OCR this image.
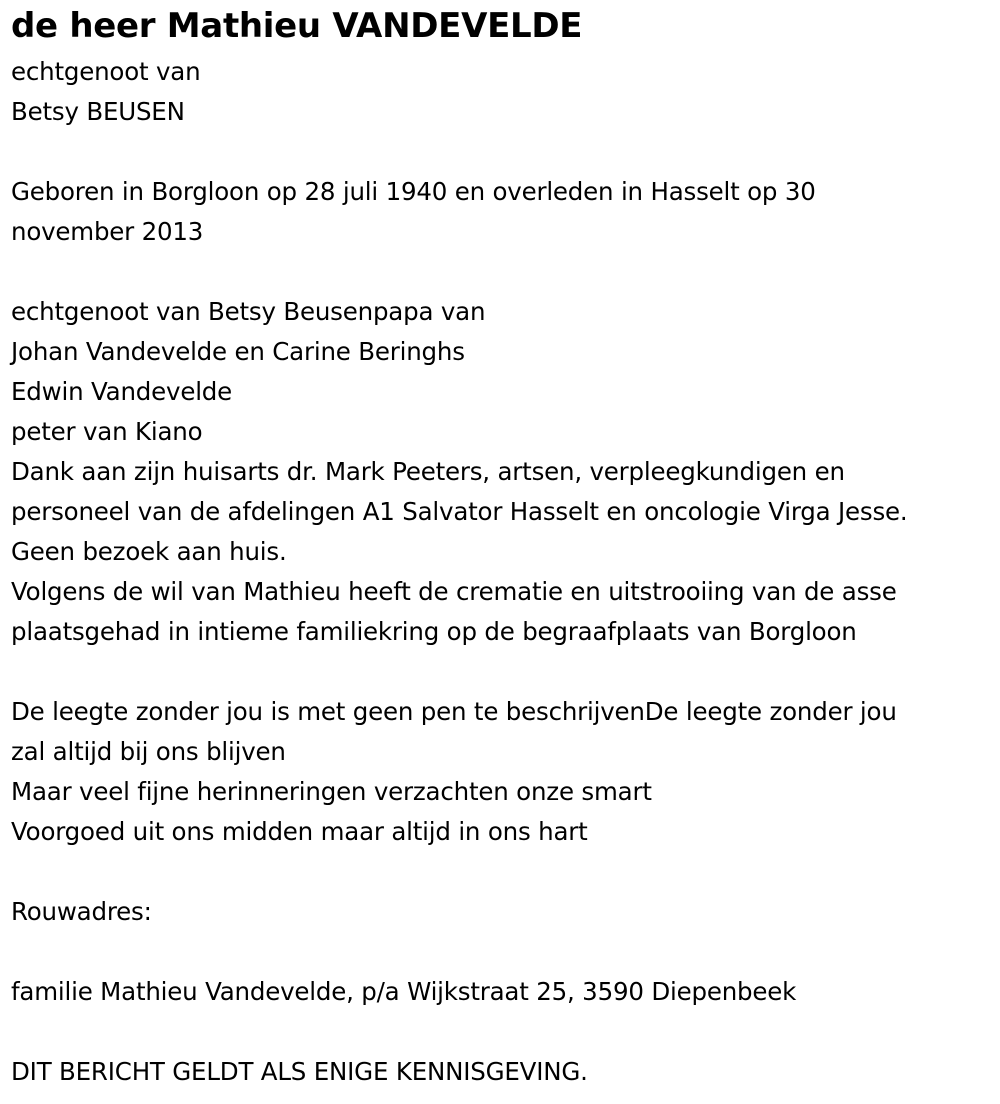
de heer Mathieu VANDEVELDE
echtgenoot van
Betsy BEUSEN
Geboren in Borgloon op 28 juli 1940 en overleden in Hasselt op 30
november 2013
echtgenoot van Betsy Beusenpapa van
Johan Vandevelde en Carine Beringhs
Edwin Vandevelde
peter van Kiano
Dank aan zijn huisarts dr. Mark Peeters, artsen, verpleegkundigen en
personeel van de afdelingen A1 Salvator Hasselt en oncologie Virga Jesse.
Geen bezoek aan huis.
Volgens de wil van Mathieu heeft de crematie en uitstrooiing van de asse
plaatsgehad in intieme familiekring op de begraafplaats van Borgloon
De leegte zonder jou is met geen pen te beschrijvenDe leegte zonder jou
zal altijd bij ons blijven
Maar veel fijne herinneringen verzachten onze smart
Voorgoed uit ons midden maar altijd in ons hart
Rouwadres:
familie Mathieu Vandevelde, p/a Wijkstraat 25, 3590 Diepenbeek
DIT BERICHT GELDT ALS ENIGE KENNISGEVING.
